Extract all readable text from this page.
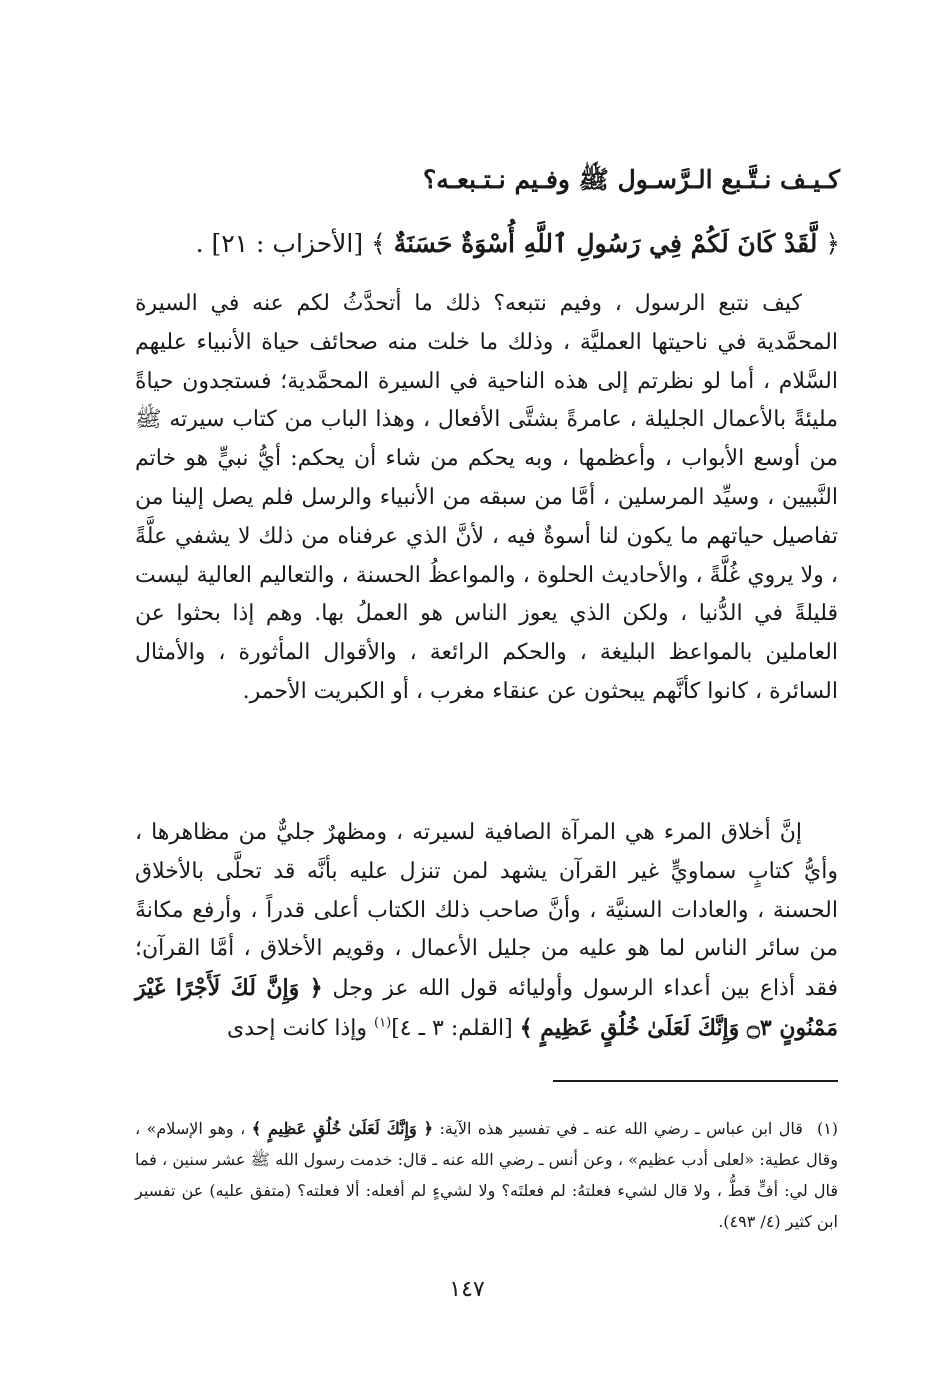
كـيـف نـتَّـبع الـرَّسـول ﷺ وفـيم نـتـبعـه؟
﴿ لَّقَدْ كَانَ لَكُمْ فِي رَسُولِ ٱللَّهِ أُسْوَةٌ حَسَنَةٌ ﴾ [الأحزاب : ٢١] .

كيف نتبع الرسول ، وفيم نتبعه؟ ذلك ما أتحدَّثُ لكم عنه في السيرة المحمَّدية في ناحيتها العمليَّة ، وذلك ما خلت منه صحائف حياة الأنبياء عليهم السَّلام ، أما لو نظرتم إلى هذه الناحية في السيرة المحمَّدية؛ فستجدون حياةً مليئةً بالأعمال الجليلة ، عامرةً بشتَّى الأفعال ، وهذا الباب من كتاب سيرته ﷺ من أوسع الأبواب ، وأعظمها ، وبه يحكم من شاء أن يحكم: أيُّ نبيٍّ هو خاتم النَّبيين ، وسيِّد المرسلين ، أمَّا من سبقه من الأنبياء والرسل فلم يصل إلينا من تفاصيل حياتهم ما يكون لنا أسوةٌ فيه ، لأنَّ الذي عرفناه من ذلك لا يشفي علَّةً ، ولا يروي غُلَّةً ، والأحاديث الحلوة ، والمواعظُ الحسنة ، والتعاليم العالية ليست قليلةً في الدُّنيا ، ولكن الذي يعوز الناس هو العملُ بها. وهم إذا بحثوا عن العاملين بالمواعظ البليغة ، والحكم الرائعة ، والأقوال المأثورة ، والأمثال السائرة ، كانوا كأنَّهم يبحثون عن عنقاء مغرب ، أو الكبريت الأحمر.

إنَّ أخلاق المرء هي المرآة الصافية لسيرته ، ومظهرٌ جليٌّ من مظاهرها ، وأيُّ كتابٍ سماويٍّ غير القرآن يشهد لمن تنزل عليه بأنَّه قد تحلَّى بالأخلاق الحسنة ، والعادات السنيَّة ، وأنَّ صاحب ذلك الكتاب أعلى قدراً ، وأرفع مكانةً من سائر الناس لما هو عليه من جليل الأعمال ، وقويم الأخلاق ، أمَّا القرآن؛ فقد أذاع بين أعداء الرسول وأوليائه قول الله عز وجل ﴿ وَإِنَّ لَكَ لَأَجْرًا غَيْرَ مَمْنُونٍ ۝٣ وَإِنَّكَ لَعَلَىٰ خُلُقٍ عَظِيمٍ ﴾ [القلم: ٣ ـ ٤]$^{(١)}$ وإذا كانت إحدى

(١)قال ابن عباس ـ رضي الله عنه ـ في تفسير هذه الآية: ﴿ وَإِنَّكَ لَعَلَىٰ خُلُقٍ عَظِيمٍ ﴾ ، وهو الإسلام» ، وقال عطية: «لعلى أدب عظيم» ، وعن أنس ـ رضي الله عنه ـ قال: خدمت رسول الله ﷺ عشر سنين ، فما قال لي: أفٍّ قطُّ ، ولا قال لشيء فعلتهُ: لم فعلتَه؟ ولا لشيءٍ لم أفعله: ألا فعلته؟ (متفق عليه) عن تفسير ابن كثير (٤/ ٤٩٣).

١٤٧
